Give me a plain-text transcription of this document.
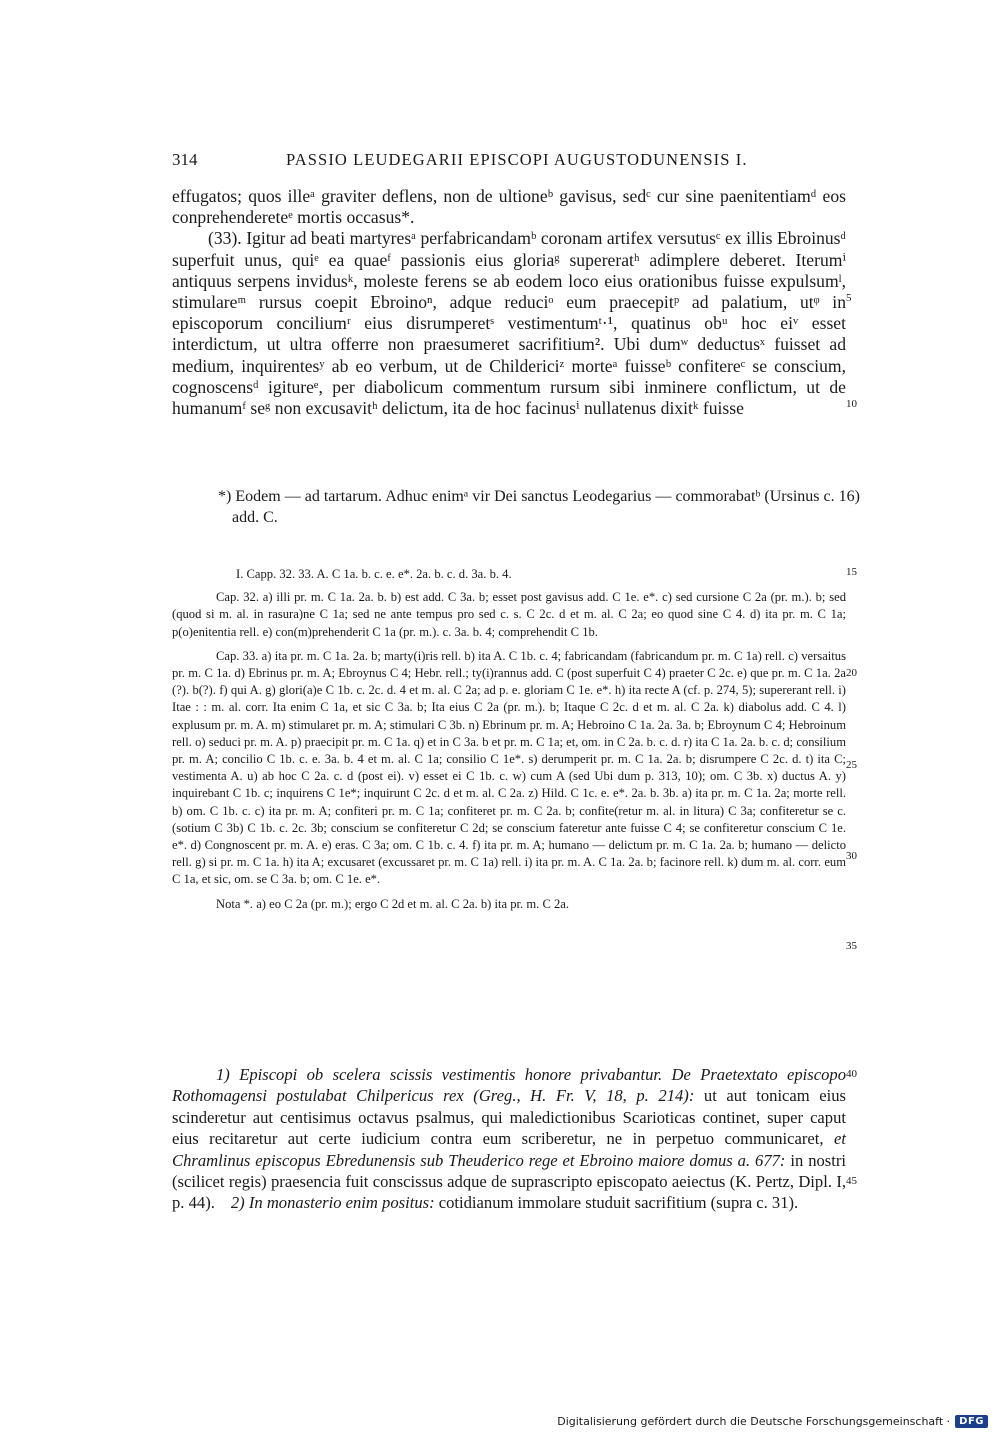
314	PASSIO LEUDEGARII EPISCOPI AUGUSTODUNENSIS I.

effugatos; quos illeᵃ graviter deflens, non de ultioneᵇ gavisus, sedᶜ cur sine paenitentiamᵈ eos conprehendereteᵉ mortis occasus*.

(33). Igitur ad beati martyresᵃ perfabricandamᵇ coronam artifex versutusᶜ ex illis Ebroinusᵈ superfuit unus, quiᵉ ea quaeᶠ passionis eius gloriaᵍ supereratʰ adimplere deberet. Iterumⁱ antiquus serpens invidusᵏ, moleste ferens se ab eodem loco eius orationibus fuisse expulsumˡ, stimulareᵐ rursus coepit Ebroinoⁿ, adque reduciᵒ eum praecepitᵖ ad palatium, utᵠ in episcoporum conciliumʳ eius disrumperetˢ vestimentumᵗ·¹, quatinus obᵘ hoc eiᵛ esset interdictum, ut ultra offerre non praesumeret sacrifitium². Ubi dumʷ deductusˣ fuisset ad medium, inquirentesʸ ab eo verbum, ut de Childericiᶻ morteᵃ fuisseᵇ confitereᶜ se conscium, cognoscensᵈ igitureᵉ, per diabolicum commentum rursum sibi inminere conflictum, ut de humanumᶠ seᵍ non excusavitʰ delictum, ita de hoc facinusⁱ nullatenus dixitᵏ fuisse

5
10
15
20
25
30
35
40
45
*) Eodem — ad tartarum. Adhuc enimᵃ vir Dei sanctus Leodegarius — commorabatᵇ (Ursinus c. 16) add. C.

I. Capp. 32. 33. A. C 1a. b. c. e. e*. 2a. b. c. d. 3a. b. 4.

Cap. 32. a) illi pr. m. C 1a. 2a. b. b) est add. C 3a. b; esset post gavisus add. C 1e. e*. c) sed cursione C 2a (pr. m.). b; sed (quod si m. al. in rasura)ne C 1a; sed ne ante tempus pro sed c. s. C 2c. d et m. al. C 2a; eo quod sine C 4. d) ita pr. m. C 1a; p(o)enitentia rell. e) con(m)prehenderit C 1a (pr. m.). c. 3a. b. 4; comprehendit C 1b.

Cap. 33. a) ita pr. m. C 1a. 2a. b; marty(i)ris rell. b) ita A. C 1b. c. 4; fabricandam (fabricandum pr. m. C 1a) rell. c) versaitus pr. m. C 1a. d) Ebrinus pr. m. A; Ebroynus C 4; Hebr. rell.; ty(i)rannus add. C (post superfuit C 4) praeter C 2c. e) que pr. m. C 1a. 2a (?). b(?). f) qui A. g) glori(a)e C 1b. c. 2c. d. 4 et m. al. C 2a; ad p. e. gloriam C 1e. e*. h) ita recte A (cf. p. 274, 5); supererant rell. i) Itae : : m. al. corr. Ita enim C 1a, et sic C 3a. b; Ita eius C 2a (pr. m.). b; Itaque C 2c. d et m. al. C 2a. k) diabolus add. C 4. l) explusum pr. m. A. m) stimularet pr. m. A; stimulari C 3b. n) Ebrinum pr. m. A; Hebroino C 1a. 2a. 3a. b; Ebroynum C 4; Hebroinum rell. o) seduci pr. m. A. p) praecipit pr. m. C 1a. q) et in C 3a. b et pr. m. C 1a; et, om. in C 2a. b. c. d. r) ita C 1a. 2a. b. c. d; consilium pr. m. A; concilio C 1b. c. e. 3a. b. 4 et m. al. C 1a; consilio C 1e*. s) derumperit pr. m. C 1a. 2a. b; disrumpere C 2c. d. t) ita C; vestimenta A. u) ab hoc C 2a. c. d (post ei). v) esset ei C 1b. c. w) cum A (sed Ubi dum p. 313, 10); om. C 3b. x) ductus A. y) inquirebant C 1b. c; inquirens C 1e*; inquirunt C 2c. d et m. al. C 2a. z) Hild. C 1c. e. e*. 2a. b. 3b. a) ita pr. m. C 1a. 2a; morte rell. b) om. C 1b. c. c) ita pr. m. A; confiteri pr. m. C 1a; confiteret pr. m. C 2a. b; confite(retur m. al. in litura) C 3a; confiteretur se c. (sotium C 3b) C 1b. c. 2c. 3b; conscium se confiteretur C 2d; se conscium fateretur ante fuisse C 4; se confiteretur conscium C 1e. e*. d) Congnoscent pr. m. A. e) eras. C 3a; om. C 1b. c. 4. f) ita pr. m. A; humano — delictum pr. m. C 1a. 2a. b; humano — delicto rell. g) si pr. m. C 1a. h) ita A; excusaret (excussaret pr. m. C 1a) rell. i) ita pr. m. A. C 1a. 2a. b; facinore rell. k) dum m. al. corr. eum C 1a, et sic, om. se C 3a. b; om. C 1e. e*.

Nota *. a) eo C 2a (pr. m.); ergo C 2d et m. al. C 2a. b) ita pr. m. C 2a.

1) Episcopi ob scelera scissis vestimentis honore privabantur. De Praetextato episcopo Rothomagensi postulabat Chilpericus rex (Greg., H. Fr. V, 18, p. 214): ut aut tonicam eius scinderetur aut centisimus octavus psalmus, qui maledictionibus Scarioticas continet, super caput eius recitaretur aut certe iudicium contra eum scriberetur, ne in perpetuo communicaret, et Chramlinus episcopus Ebredunensis sub Theuderico rege et Ebroino maiore domus a. 677: in nostri (scilicet regis) praesencia fuit conscissus adque de suprascripto episcopato aeiectus (K. Pertz, Dipl. I, p. 44). 2) In monasterio enim positus: cotidianum immolare studuit sacrifitium (supra c. 31).

Digitalisierung gefördert durch die Deutsche Forschungsgemeinschaft · DFG
